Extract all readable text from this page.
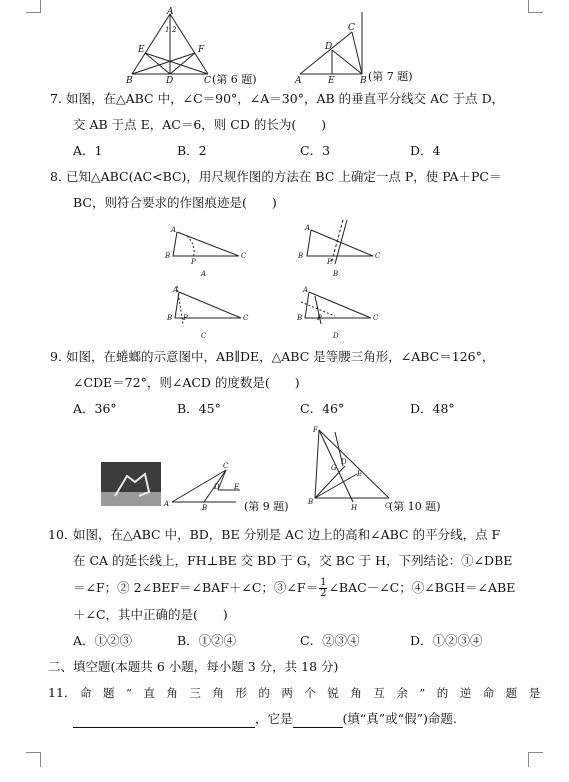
A
E	F
B	D	C
1 2
(第 6 题)	A	E	B
D
C
(第 7 题)
7．
如图，在△ABC 中，∠C＝90°，∠A＝30°，AB 的垂直平分线交 AC 于点 D，
交 AB 于点 E，AC＝6，则 CD 的长为(　　)
A．1	B．2	C．3	D．4
8．
已知△ABC(AC<BC)，用尺规作图的方法在 BC 上确定一点 P，使 PA＋PC＝
BC，则符合要求的作图痕迹是(　　)
A
B	C
P
A
A
B	C
P
B
A
B	C
P
C
A
B	C
P
D
9．
如图，在蜷螂的示意图中，AB∥DE，△ABC 是等腰三角形，∠ABC＝126°，
∠CDE＝72°，则∠ACD 的度数是(　　)
A．36°	B．45°	C．46°	D．48°
A	B
C
D E
(第 9 题)
F
G
D
E
B
H	C
(第 10 题)
10．
如图，在△ABC 中，BD，BE 分别是 AC 边上的高和∠ABC 的平分线，点 F
在 CA 的延长线上，FH⊥BE 交 BD 于 G，交 BC 于 H，下列结论：①∠DBE
＝∠F；② 2∠BEF＝∠BAF＋∠C；③∠F＝ $\frac{1}{2}$ ∠BAC－∠C；④∠BGH＝∠ABE
＋∠C，其中正确的是(　　)
A．①②③	B．①②④	C．②③④	D．①②③④
二、填空题(本题共 6 小题，每小题 3 分，共 18 分)
11． 命　题　“　直　角　三　角　形　的　两　个　锐　角　互　余　”　的　逆　命　题　是
，它是	(填“真”或“假”)命题.
